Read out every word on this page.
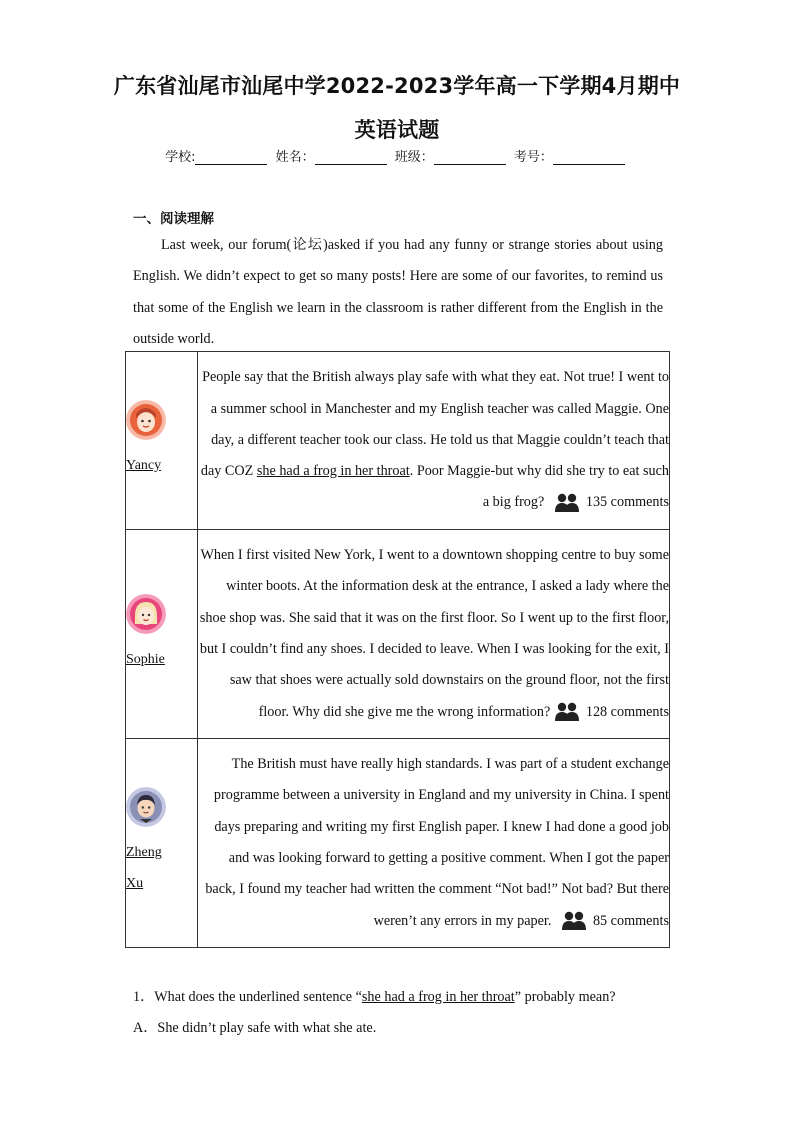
广东省汕尾市汕尾中学2022-2023学年高一下学期4月期中
英语试题
学校:	姓名：	班级：	考号：
一、阅读理解
Last week, our forum(论坛)asked if you had any funny or strange stories about using English. We didn’t expect to get so many posts! Here are some of our favorites, to remind us that some of the English we learn in the classroom is rather different from the English in the outside world.
Yancy	People say that the British always play safe with what they eat. Not true! I went to a summer school in Manchester and my English teacher was called Maggie. One day, a different teacher took our class. He told us that Maggie couldn’t teach that day COZ she had a frog in her throat. Poor Maggie-but why did she try to eat such a big frog? 135 comments

Sophie	When I first visited New York, I went to a downtown shopping centre to buy some winter boots. At the information desk at the entrance, I asked a lady where the shoe shop was. She said that it was on the first floor. So I went up to the first floor, but I couldn’t find any shoes. I decided to leave. When I was looking for the exit, I saw that shoes were actually sold downstairs on the ground floor, not the first floor. Why did she give me the wrong information? 128 comments

Zheng Xu	The British must have really high standards. I was part of a student exchange programme between a university in England and my university in China. I spent days preparing and writing my first English paper. I knew I had done a good job and was looking forward to getting a positive comment. When I got the paper back, I found my teacher had written the comment “Not bad!” Not bad? But there weren’t any errors in my paper. 85 comments
1．What does the underlined sentence “she had a frog in her throat” probably mean?
A．She didn’t play safe with what she ate.
